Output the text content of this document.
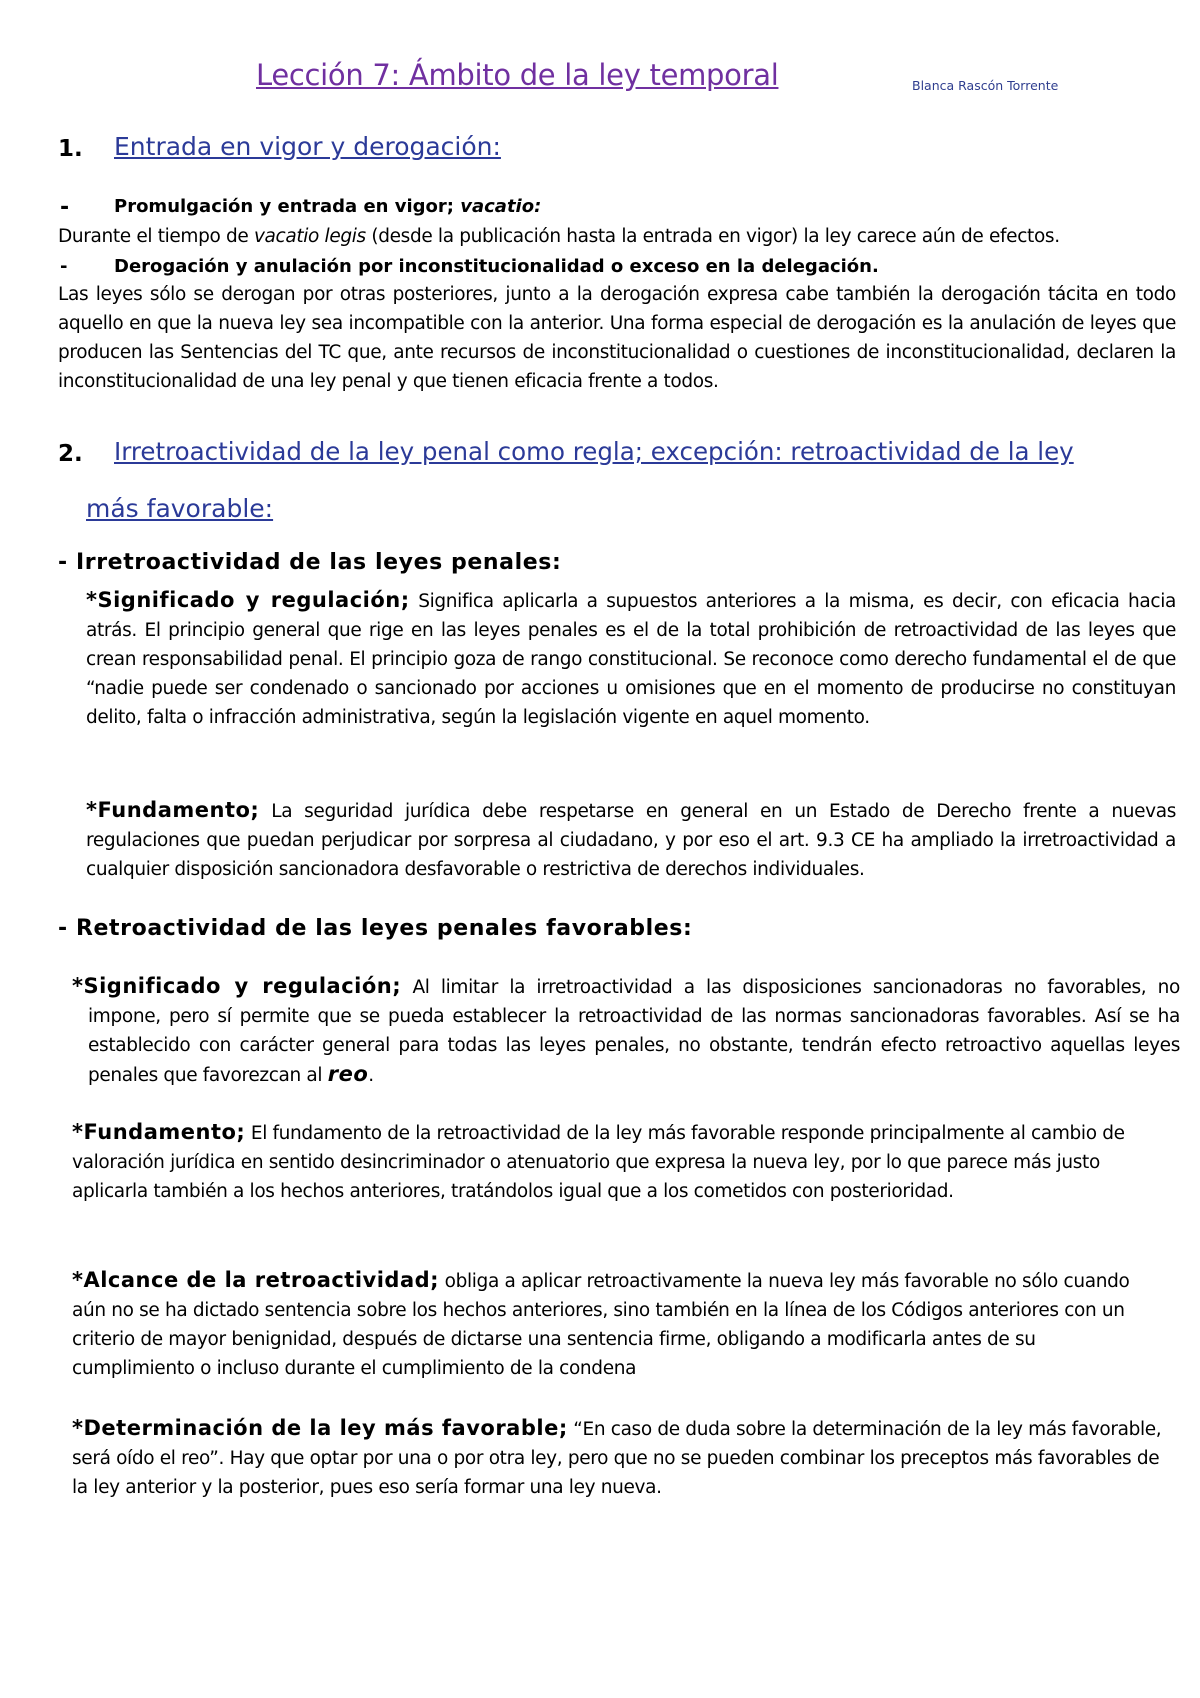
Lección 7: Ámbito de la ley temporal	Blanca Rascón Torrente
1. Entrada en vigor y derogación:
- Promulgación y entrada en vigor; vacatio:
Durante el tiempo de vacatio legis (desde la publicación hasta la entrada en vigor) la ley carece aún de efectos.
-	Derogación y anulación por inconstitucionalidad o exceso en la delegación.
Las leyes sólo se derogan por otras posteriores, junto a la derogación expresa cabe también la derogación tácita en todo aquello en que la nueva ley sea incompatible con la anterior. Una forma especial de derogación es la anulación de leyes que producen las Sentencias del TC que, ante recursos de inconstitucionalidad o cuestiones de inconstitucionalidad, declaren la inconstitucionalidad de una ley penal y que tienen eficacia frente a todos.
2. Irretroactividad de la ley penal como regla; excepción: retroactividad de la ley
más favorable:
- Irretroactividad de las leyes penales:
*Significado y regulación; Significa aplicarla a supuestos anteriores a la misma, es decir, con eficacia hacia atrás. El principio general que rige en las leyes penales es el de la total prohibición de retroactividad de las leyes que crean responsabilidad penal. El principio goza de rango constitucional. Se reconoce como derecho fundamental el de que “nadie puede ser condenado o sancionado por acciones u omisiones que en el momento de producirse no constituyan delito, falta o infracción administrativa, según la legislación vigente en aquel momento.
*Fundamento; La seguridad jurídica debe respetarse en general en un Estado de Derecho frente a nuevas regulaciones que puedan perjudicar por sorpresa al ciudadano, y por eso el art. 9.3 CE ha ampliado la irretroactividad a cualquier disposición sancionadora desfavorable o restrictiva de derechos individuales.
- Retroactividad de las leyes penales favorables:
*Significado y regulación; Al limitar la irretroactividad a las disposiciones sancionadoras no favorables, no impone, pero sí permite que se pueda establecer la retroactividad de las normas sancionadoras favorables. Así se ha establecido con carácter general para todas las leyes penales, no obstante, tendrán efecto retroactivo aquellas leyes penales que favorezcan al reo.
*Fundamento; El fundamento de la retroactividad de la ley más favorable responde principalmente al cambio de valoración jurídica en sentido desincriminador o atenuatorio que expresa la nueva ley, por lo que parece más justo aplicarla también a los hechos anteriores, tratándolos igual que a los cometidos con posterioridad.
*Alcance de la retroactividad; obliga a aplicar retroactivamente la nueva ley más favorable no sólo cuando aún no se ha dictado sentencia sobre los hechos anteriores, sino también en la línea de los Códigos anteriores con un criterio de mayor benignidad, después de dictarse una sentencia firme, obligando a modificarla antes de su cumplimiento o incluso durante el cumplimiento de la condena
*Determinación de la ley más favorable; “En caso de duda sobre la determinación de la ley más favorable, será oído el reo”. Hay que optar por una o por otra ley, pero que no se pueden combinar los preceptos más favorables de la ley anterior y la posterior, pues eso sería formar una ley nueva.
